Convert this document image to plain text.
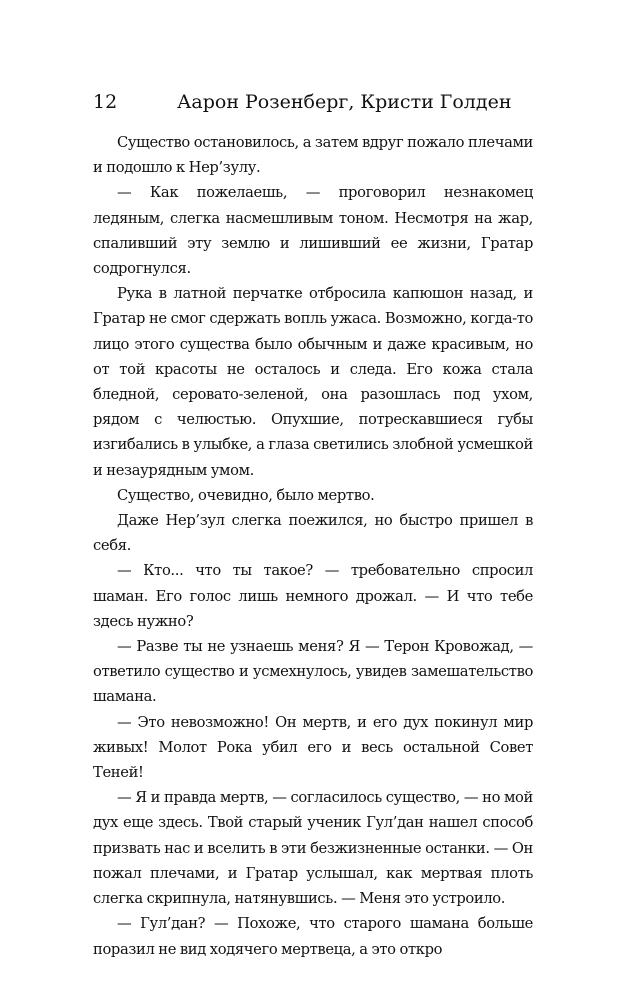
12	Аарон Розенберг, Кристи Голден

Существо остановилось, а затем вдруг пожало плечами и подошло к Нер’зулу.

— Как пожелаешь, — проговорил незнакомец ледяным, слегка насмешливым тоном. Несмотря на жар, спаливший эту землю и лишивший ее жизни, Гратар содрогнулся.

Рука в латной перчатке отбросила капюшон назад, и Гратар не смог сдержать вопль ужаса. Возможно, когда-то лицо этого существа было обычным и даже красивым, но от той красоты не осталось и следа. Его кожа стала бледной, серовато-зеленой, она разошлась под ухом, рядом с челюстью. Опухшие, потрескавшиеся губы изгибались в улыбке, а глаза светились злобной усмешкой и незаурядным умом.

Существо, очевидно, было мертво.

Даже Нер’зул слегка поежился, но быстро пришел в себя.

— Кто... что ты такое? — требовательно спросил шаман. Его голос лишь немного дрожал. — И что тебе здесь нужно?

— Разве ты не узнаешь меня? Я — Терон Кровожад, — ответило существо и усмехнулось, увидев замешательство шамана.

— Это невозможно! Он мертв, и его дух покинул мир живых! Молот Рока убил его и весь остальной Совет Теней!

— Я и правда мертв, — согласилось существо, — но мой дух еще здесь. Твой старый ученик Гул’дан нашел способ призвать нас и вселить в эти безжизненные останки. — Он пожал плечами, и Гратар услышал, как мертвая плоть слегка скрипнула, натянувшись. — Меня это устроило.

— Гул’дан? — Похоже, что старого шамана больше поразил не вид ходячего мертвеца, а это откро
